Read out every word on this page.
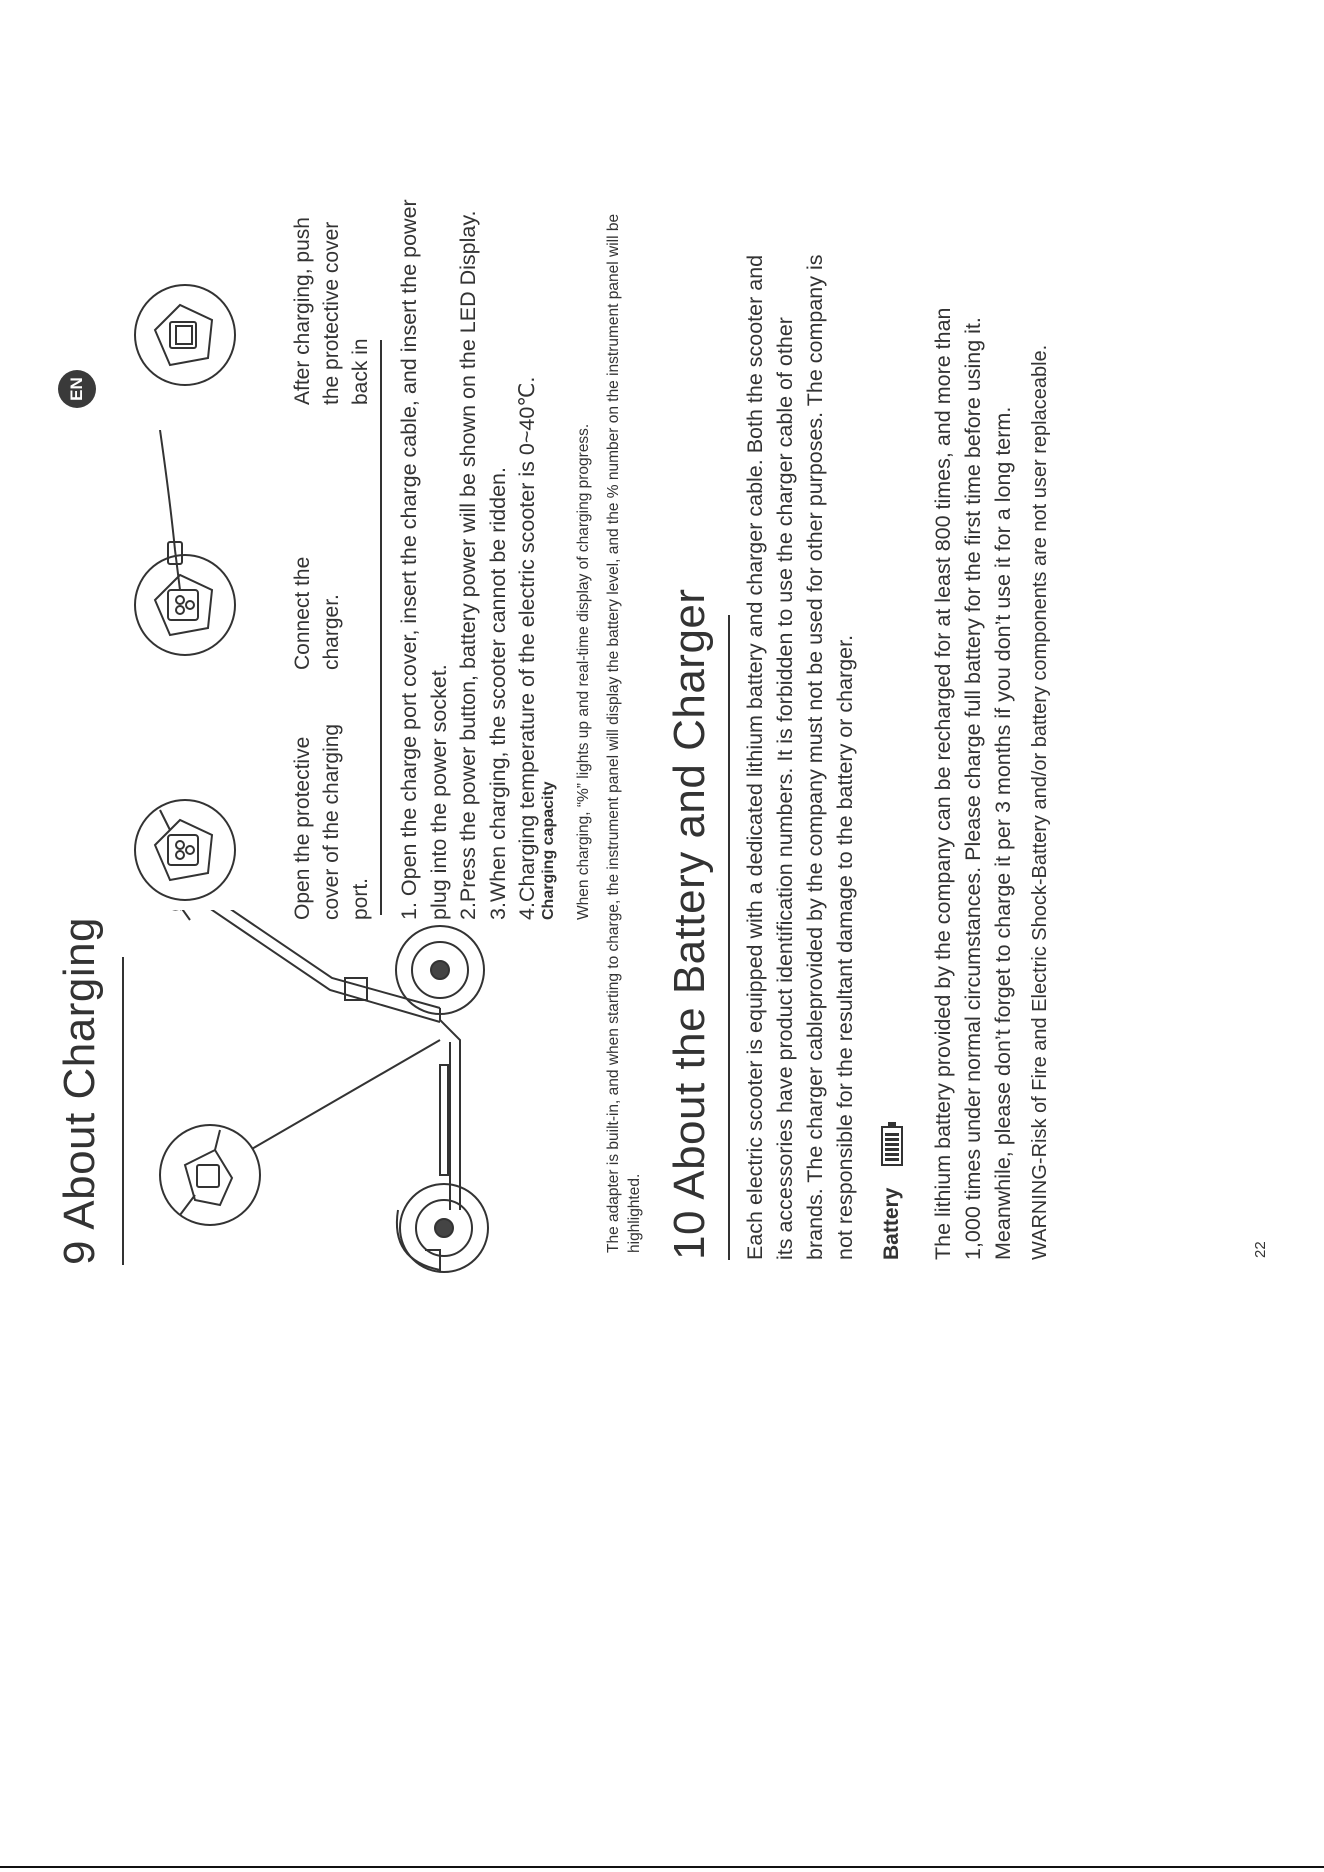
EN
9 About Charging
Open the protective cover of the charging port.
Connect the charger.
After charging, push the protective cover back in 1. Open the charge port cover, insert the charge cable, and insert the power plug into the power socket. 2.Press the power button, battery power will be shown on the LED Display. 3.When charging, the scooter cannot be ridden. 4.Charging temperature of the electric scooter is 0~40℃. Charging capacity When charging, “%” lights up and real-time display of charging progress. The adapter is built-in, and when starting to charge, the instrument panel will display the battery level, and the % number on the instrument panel will be highlighted. 10 About the Battery and Charger Each electric scooter is equipped with a dedicated lithium battery and charger cable. Both the scooter and its accessories have product identification numbers. It is forbidden to use the charger cable of other brands. The charger cableprovided by the company must not be used for other purposes. The company is not responsible for the resultant damage to the battery or charger. Battery The lithium battery provided by the company can be recharged for at least 800 times, and more than 1,000 times under normal circumstances. Please charge full battery for the first time before using it. Meanwhile, please don’t forget to charge it per 3 months if you don’t use it for a long term. WARNING-Risk of Fire and Electric Shock-Battery and/or battery components are not user replaceable.	22
